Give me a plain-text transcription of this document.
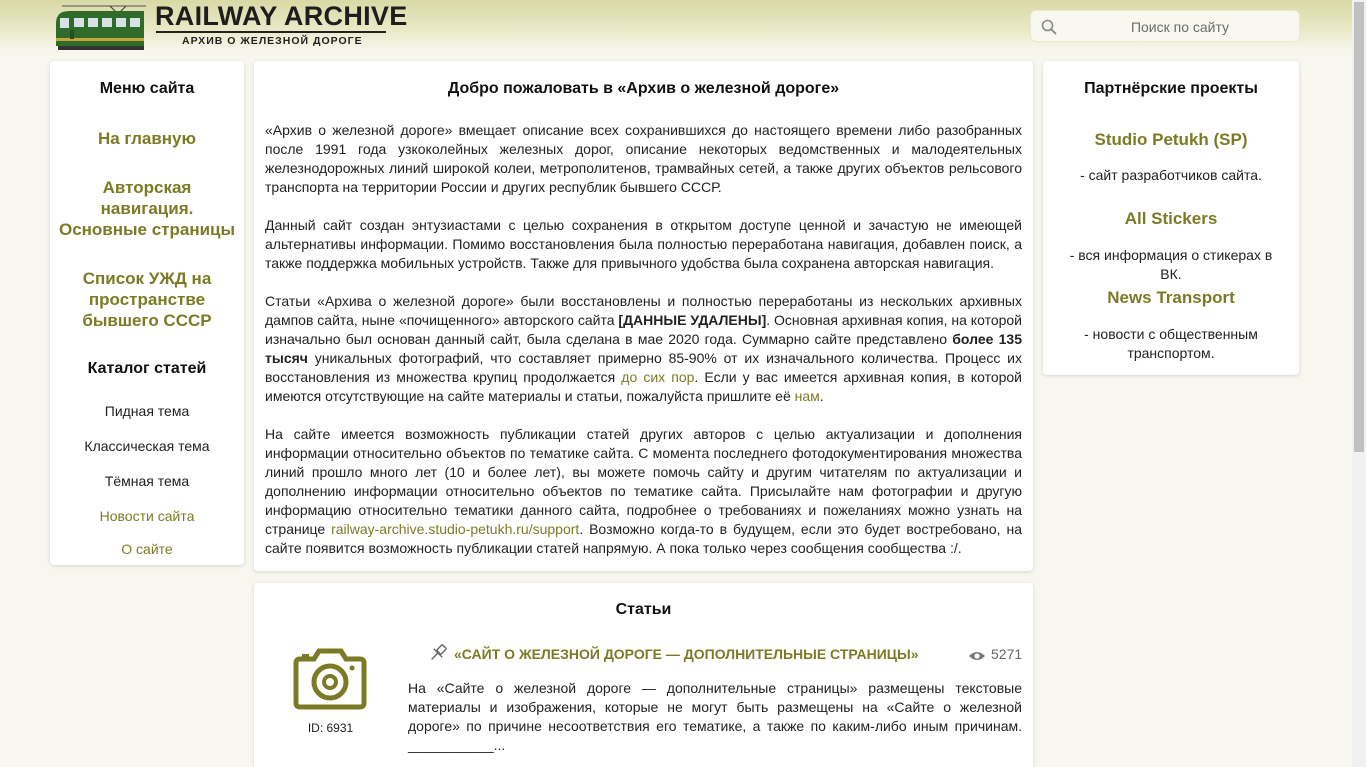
RAILWAY ARCHIVE
АРХИВ О ЖЕЛЕЗНОЙ ДОРОГЕ
Поиск по сайту
Меню сайта
На главную
Авторская навигация. Основные страницы
Список УЖД на пространстве бывшего СССР
Каталог статей
Пидная тема
Классическая тема
Тёмная тема
Новости сайта
О сайте
Добро пожаловать в «Архив о железной дороге»

«Архив о железной дороге» вмещает описание всех сохранившихся до настоящего времени либо разобранных после 1991 года узкоколейных железных дорог, описание некоторых ведомственных и малодеятельных железнодорожных линий широкой колеи, метрополитенов, трамвайных сетей, а также других объектов рельсового транспорта на территории России и других республик бывшего СССР.

Данный сайт создан энтузиастами с целью сохранения в открытом доступе ценной и зачастую не имеющей альтернативы информации. Помимо восстановления была полностью переработана навигация, добавлен поиск, а также поддержка мобильных устройств. Также для привычного удобства была сохранена авторская навигация.

Статьи «Архива о железной дороге» были восстановлены и полностью переработаны из нескольких архивных дампов сайта, ныне «почищенного» авторского сайта [ДАННЫЕ УДАЛЕНЫ]. Основная архивная копия, на которой изначально был основан данный сайт, была сделана в мае 2020 года. Суммарно сайте представлено более 135 тысяч уникальных фотографий, что составляет примерно 85-90% от их изначального количества. Процесс их восстановления из множества крупиц продолжается до сих пор. Если у вас имеется архивная копия, в которой имеются отсутствующие на сайте материалы и статьи, пожалуйста пришлите её нам.

На сайте имеется возможность публикации статей других авторов с целью актуализации и дополнения информации относительно объектов по тематике сайта. С момента последнего фотодокументирования множества линий прошло много лет (10 и более лет), вы можете помочь сайту и другим читателям по актуализации и дополнению информации относительно объектов по тематике сайта. Присылайте нам фотографии и другую информацию относительно тематики данного сайта, подробнее о требованиях и пожеланиях можно узнать на странице railway-archive.studio-petukh.ru/support. Возможно когда-то в будущем, если это будет востребовано, на сайте появится возможность публикации статей напрямую. А пока только через сообщения сообщества :/.

Статьи
ID: 6931
«САЙТ О ЖЕЛЕЗНОЙ ДОРОГЕ — ДОПОЛНИТЕЛЬНЫЕ СТРАНИЦЫ»	5271
На «Сайте о железной дороге — дополнительные страницы» размещены текстовые материалы и изображения, которые не могут быть размещены на «Сайте о железной дороге» по причине несоответствия его тематике, а также по каким-либо иным причинам. ___________...
Партнёрские проекты
Studio Petukh (SP)
- сайт разработчиков сайта.
All Stickers
- вся информация о стикерах в ВК.
News Transport
- новости с общественным транспортом.
